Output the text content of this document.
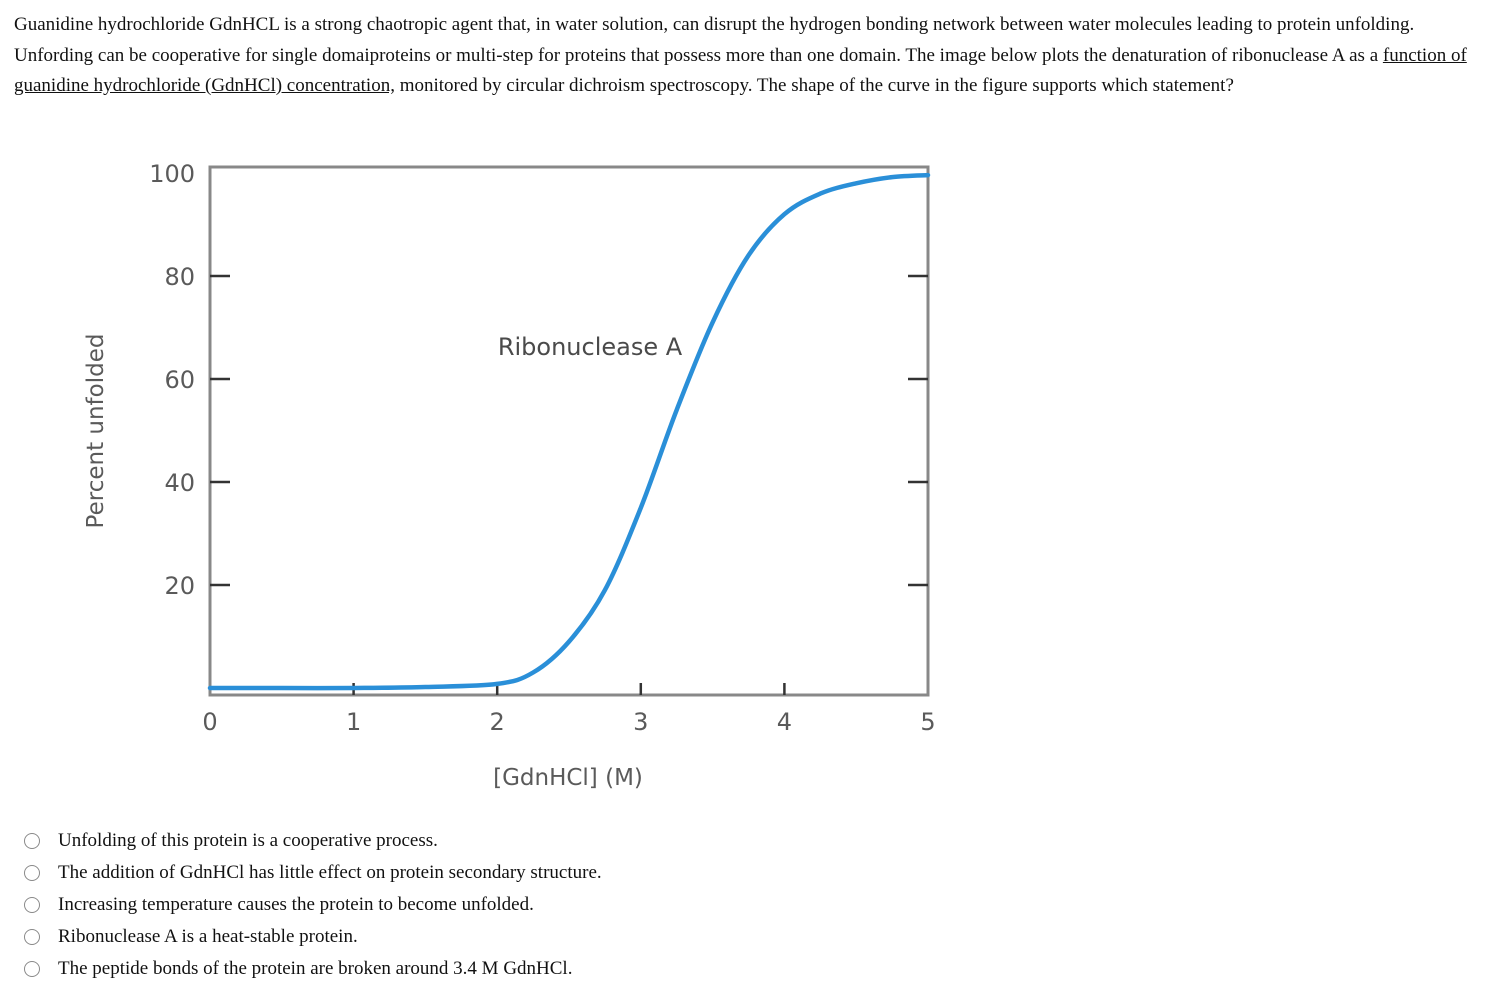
Guanidine hydrochloride GdnHCL is a strong chaotropic agent that, in water solution, can disrupt the hydrogen bonding network between water molecules leading to protein unfolding. Unfording can be cooperative for single domaiproteins or multi-step for proteins that possess more than one domain. The image below plots the denaturation of ribonuclease A as a function of guanidine hydrochloride (GdnHCl) concentration, monitored by circular dichroism spectroscopy. The shape of the curve in the figure supports which statement?
20
40
60
80
100
0	1	2	3	4	5
Percent unfolded
[GdnHCl] (M)
Ribonuclease A
Unfolding of this protein is a cooperative process.
The addition of GdnHCl has little effect on protein secondary structure.
Increasing temperature causes the protein to become unfolded.
Ribonuclease A is a heat-stable protein.
The peptide bonds of the protein are broken around 3.4 M GdnHCl.
